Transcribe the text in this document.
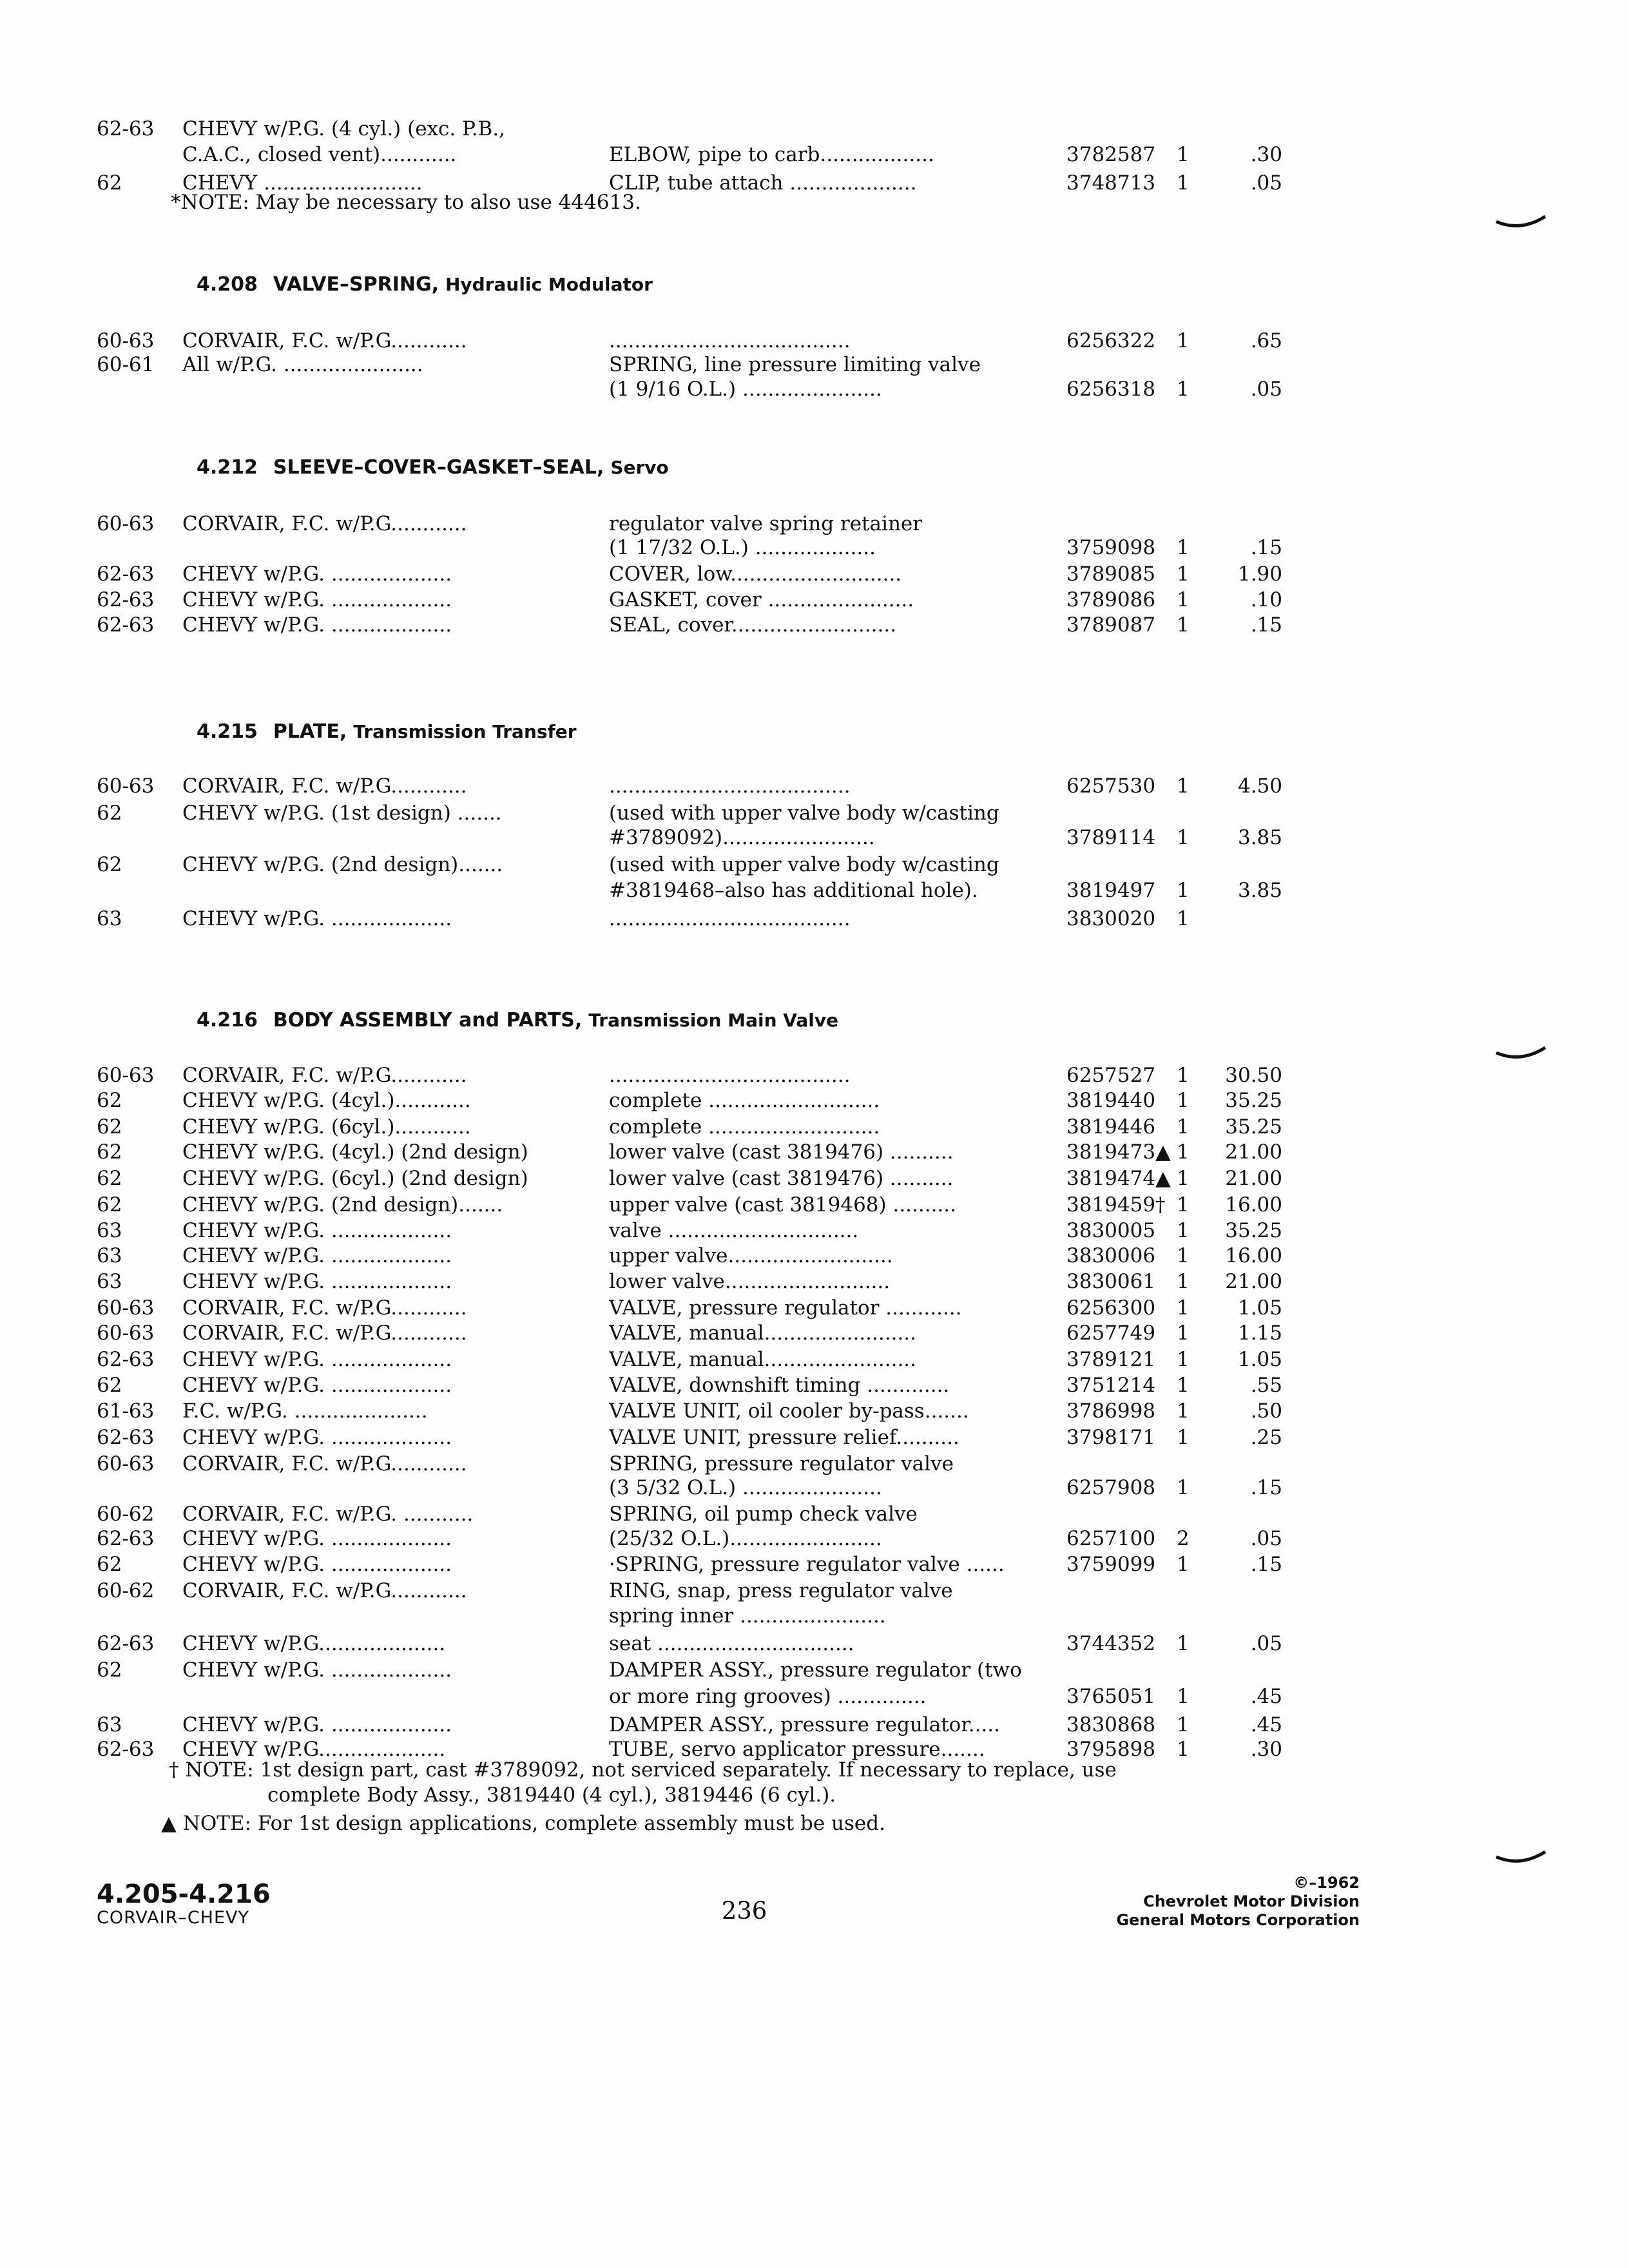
62-63	CHEVY w/P.G. (4 cyl.) (exc. P.B.,
C.A.C., closed vent)............	ELBOW, pipe to carb..................	3782587	1	.30
62	CHEVY .........................	CLIP, tube attach ....................	3748713	1	.05
*NOTE: May be necessary to also use 444613.
4.208 VALVE–SPRING, Hydraulic Modulator
60-63	CORVAIR, F.C. w/P.G............	......................................	6256322	1	.65
60-61	All w/P.G. ......................	SPRING, line pressure limiting valve
(1 9/16 O.L.) ......................	6256318	1	.05
4.212 SLEEVE–COVER–GASKET–SEAL, Servo
60-63	CORVAIR, F.C. w/P.G............	regulator valve spring retainer
(1 17/32 O.L.) ...................	3759098	1	.15
62-63	CHEVY w/P.G. ...................	COVER, low...........................	3789085	1	1.90
62-63	CHEVY w/P.G. ...................	GASKET, cover .......................	3789086	1	.10
62-63	CHEVY w/P.G. ...................	SEAL, cover..........................	3789087	1	.15
4.215 PLATE, Transmission Transfer
60-63	CORVAIR, F.C. w/P.G............	......................................	6257530	1	4.50
62	CHEVY w/P.G. (1st design) .......	(used with upper valve body w/casting
#3789092)........................	3789114	1	3.85
62	CHEVY w/P.G. (2nd design).......	(used with upper valve body w/casting
#3819468–also has additional hole).	3819497	1	3.85
63	CHEVY w/P.G. ...................	......................................	3830020	1
4.216 BODY ASSEMBLY and PARTS, Transmission Main Valve
60-63	CORVAIR, F.C. w/P.G............	......................................	6257527	1	30.50
62	CHEVY w/P.G. (4cyl.)............	complete ...........................	3819440	1	35.25
62	CHEVY w/P.G. (6cyl.)............	complete ...........................	3819446	1	35.25
62	CHEVY w/P.G. (4cyl.) (2nd design)	lower valve (cast 3819476) ..........	3819473▲ 1	21.00
62	CHEVY w/P.G. (6cyl.) (2nd design)	lower valve (cast 3819476) ..........	3819474▲ 1	21.00
62	CHEVY w/P.G. (2nd design).......	upper valve (cast 3819468) ..........	3819459† 1	16.00
63	CHEVY w/P.G. ...................	valve ..............................	3830005	1	35.25
63	CHEVY w/P.G. ...................	upper valve..........................	3830006	1	16.00
63	CHEVY w/P.G. ...................	lower valve..........................	3830061	1	21.00
60-63	CORVAIR, F.C. w/P.G............	VALVE, pressure regulator ............	6256300	1	1.05
60-63	CORVAIR, F.C. w/P.G............	VALVE, manual........................	6257749	1	1.15
62-63	CHEVY w/P.G. ...................	VALVE, manual........................	3789121	1	1.05
62	CHEVY w/P.G. ...................	VALVE, downshift timing .............	3751214	1	.55
61-63	F.C. w/P.G. .....................	VALVE UNIT, oil cooler by-pass.......	3786998	1	.50
62-63	CHEVY w/P.G. ...................	VALVE UNIT, pressure relief..........	3798171	1	.25
60-63	CORVAIR, F.C. w/P.G............	SPRING, pressure regulator valve
(3 5/32 O.L.) ......................	6257908	1	.15
60-62	CORVAIR, F.C. w/P.G. ...........	SPRING, oil pump check valve
62-63	CHEVY w/P.G. ...................	(25/32 O.L.)........................	6257100	2	.05
62	CHEVY w/P.G. ...................	·SPRING, pressure regulator valve ......	3759099	1	.15
60-62	CORVAIR, F.C. w/P.G............	RING, snap, press regulator valve
spring inner .......................
62-63	CHEVY w/P.G....................	seat ...............................	3744352	1	.05
62	CHEVY w/P.G. ...................	DAMPER ASSY., pressure regulator (two
or more ring grooves) ..............	3765051	1	.45
63	CHEVY w/P.G. ...................	DAMPER ASSY., pressure regulator.....	3830868	1	.45
62-63	CHEVY w/P.G....................	TUBE, servo applicator pressure.......	3795898	1	.30
† NOTE: 1st design part, cast #3789092, not serviced separately. If necessary to replace, use
complete Body Assy., 3819440 (4 cyl.), 3819446 (6 cyl.).
▲ NOTE: For 1st design applications, complete assembly must be used.
4.205-4.216
CORVAIR–CHEVY	236
©–1962
Chevrolet Motor Division
General Motors Corporation
